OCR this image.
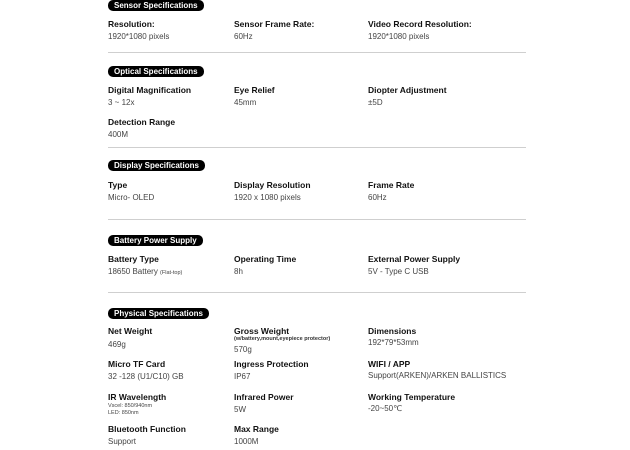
Sensor Specifications
Resolution:
1920*1080 pixels
Sensor Frame Rate:
60Hz
Video Record Resolution:
1920*1080 pixels
Optical Specifications
Digital Magnification
3 ~ 12x
Eye Relief
45mm
Diopter Adjustment
±5D
Detection Range
400M
Display Specifications
Type
Micro- OLED
Display Resolution
1920 x 1080 pixels
Frame Rate
60Hz
Battery Power Supply
Battery Type
18650 Battery (Flat-top)
Operating Time
8h
External Power Supply
5V - Type C USB
Physical Specifications
Net Weight
469g
Gross Weight
(w/battery,mount,eyepiece protector)
570g
Dimensions
192*79*53mm
Micro TF Card
32 -128 (U1/C10) GB
Ingress Protection
IP67
WIFI / APP
Support(ARKEN)/ARKEN BALLISTICS
IR Wavelength
Vscel: 850/940nm
LED: 850nm
Infrared Power
5W
Working Temperature
-20~50℃
Bluetooth Function
Support
Max Range
1000M
